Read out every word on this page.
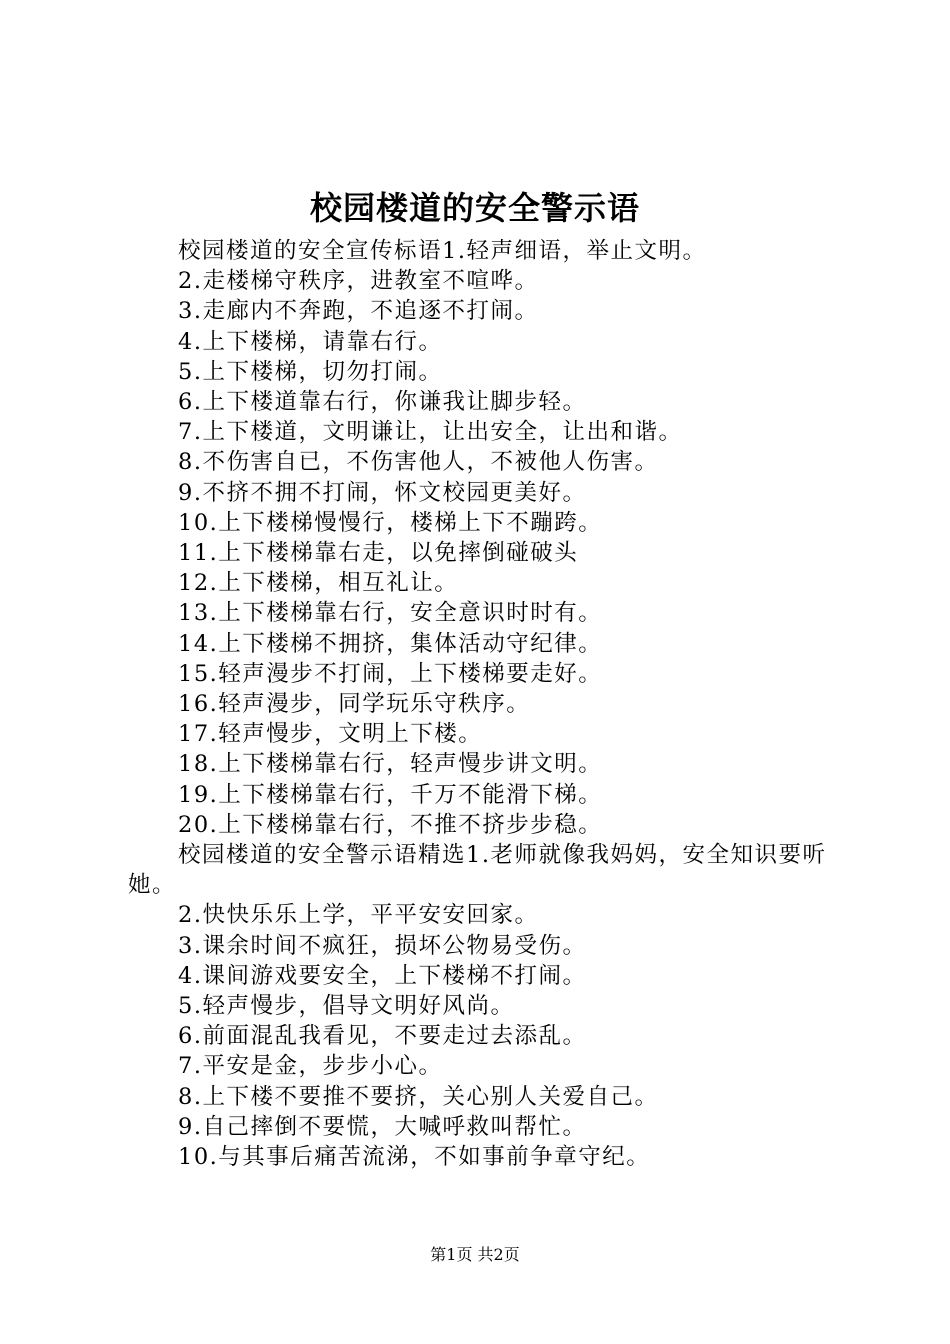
校园楼道的安全警示语

校园楼道的安全宣传标语1.轻声细语，举止文明。

2.走楼梯守秩序，进教室不喧哗。

3.走廊内不奔跑，不追逐不打闹。

4.上下楼梯，请靠右行。

5.上下楼梯，切勿打闹。

6.上下楼道靠右行，你谦我让脚步轻。

7.上下楼道，文明谦让，让出安全，让出和谐。

8.不伤害自已，不伤害他人，不被他人伤害。

9.不挤不拥不打闹，怀文校园更美好。

10.上下楼梯慢慢行，楼梯上下不蹦跨。

11.上下楼梯靠右走，以免摔倒碰破头

12.上下楼梯，相互礼让。

13.上下楼梯靠右行，安全意识时时有。

14.上下楼梯不拥挤，集体活动守纪律。

15.轻声漫步不打闹，上下楼梯要走好。

16.轻声漫步，同学玩乐守秩序。

17.轻声慢步，文明上下楼。

18.上下楼梯靠右行，轻声慢步讲文明。

19.上下楼梯靠右行，千万不能滑下梯。

20.上下楼梯靠右行，不推不挤步步稳。

校园楼道的安全警示语精选1.老师就像我妈妈，安全知识要听她。

2.快快乐乐上学，平平安安回家。

3.课余时间不疯狂，损坏公物易受伤。

4.课间游戏要安全，上下楼梯不打闹。

5.轻声慢步，倡导文明好风尚。

6.前面混乱我看见，不要走过去添乱。

7.平安是金，步步小心。

8.上下楼不要推不要挤，关心别人关爱自己。

9.自己摔倒不要慌，大喊呼救叫帮忙。

10.与其事后痛苦流涕，不如事前争章守纪。

第1页 共2页
